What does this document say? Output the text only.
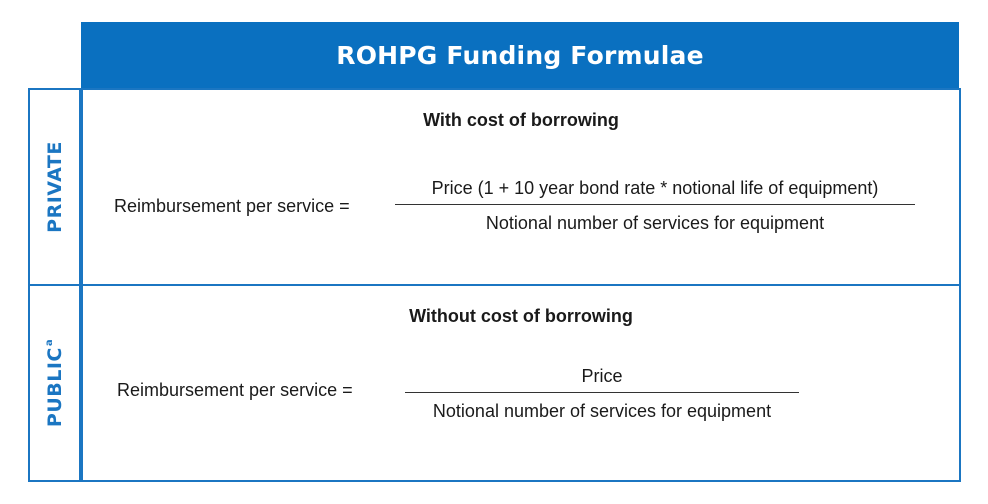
ROHPG Funding Formulae
PRIVATE
With cost of borrowing
Reimbursement per service =
Price (1 + 10 year bond rate * notional life of equipment)
Notional number of services for equipment
PUBLIC$^a$
Without cost of borrowing
Reimbursement per service =
Price
Notional number of services for equipment
